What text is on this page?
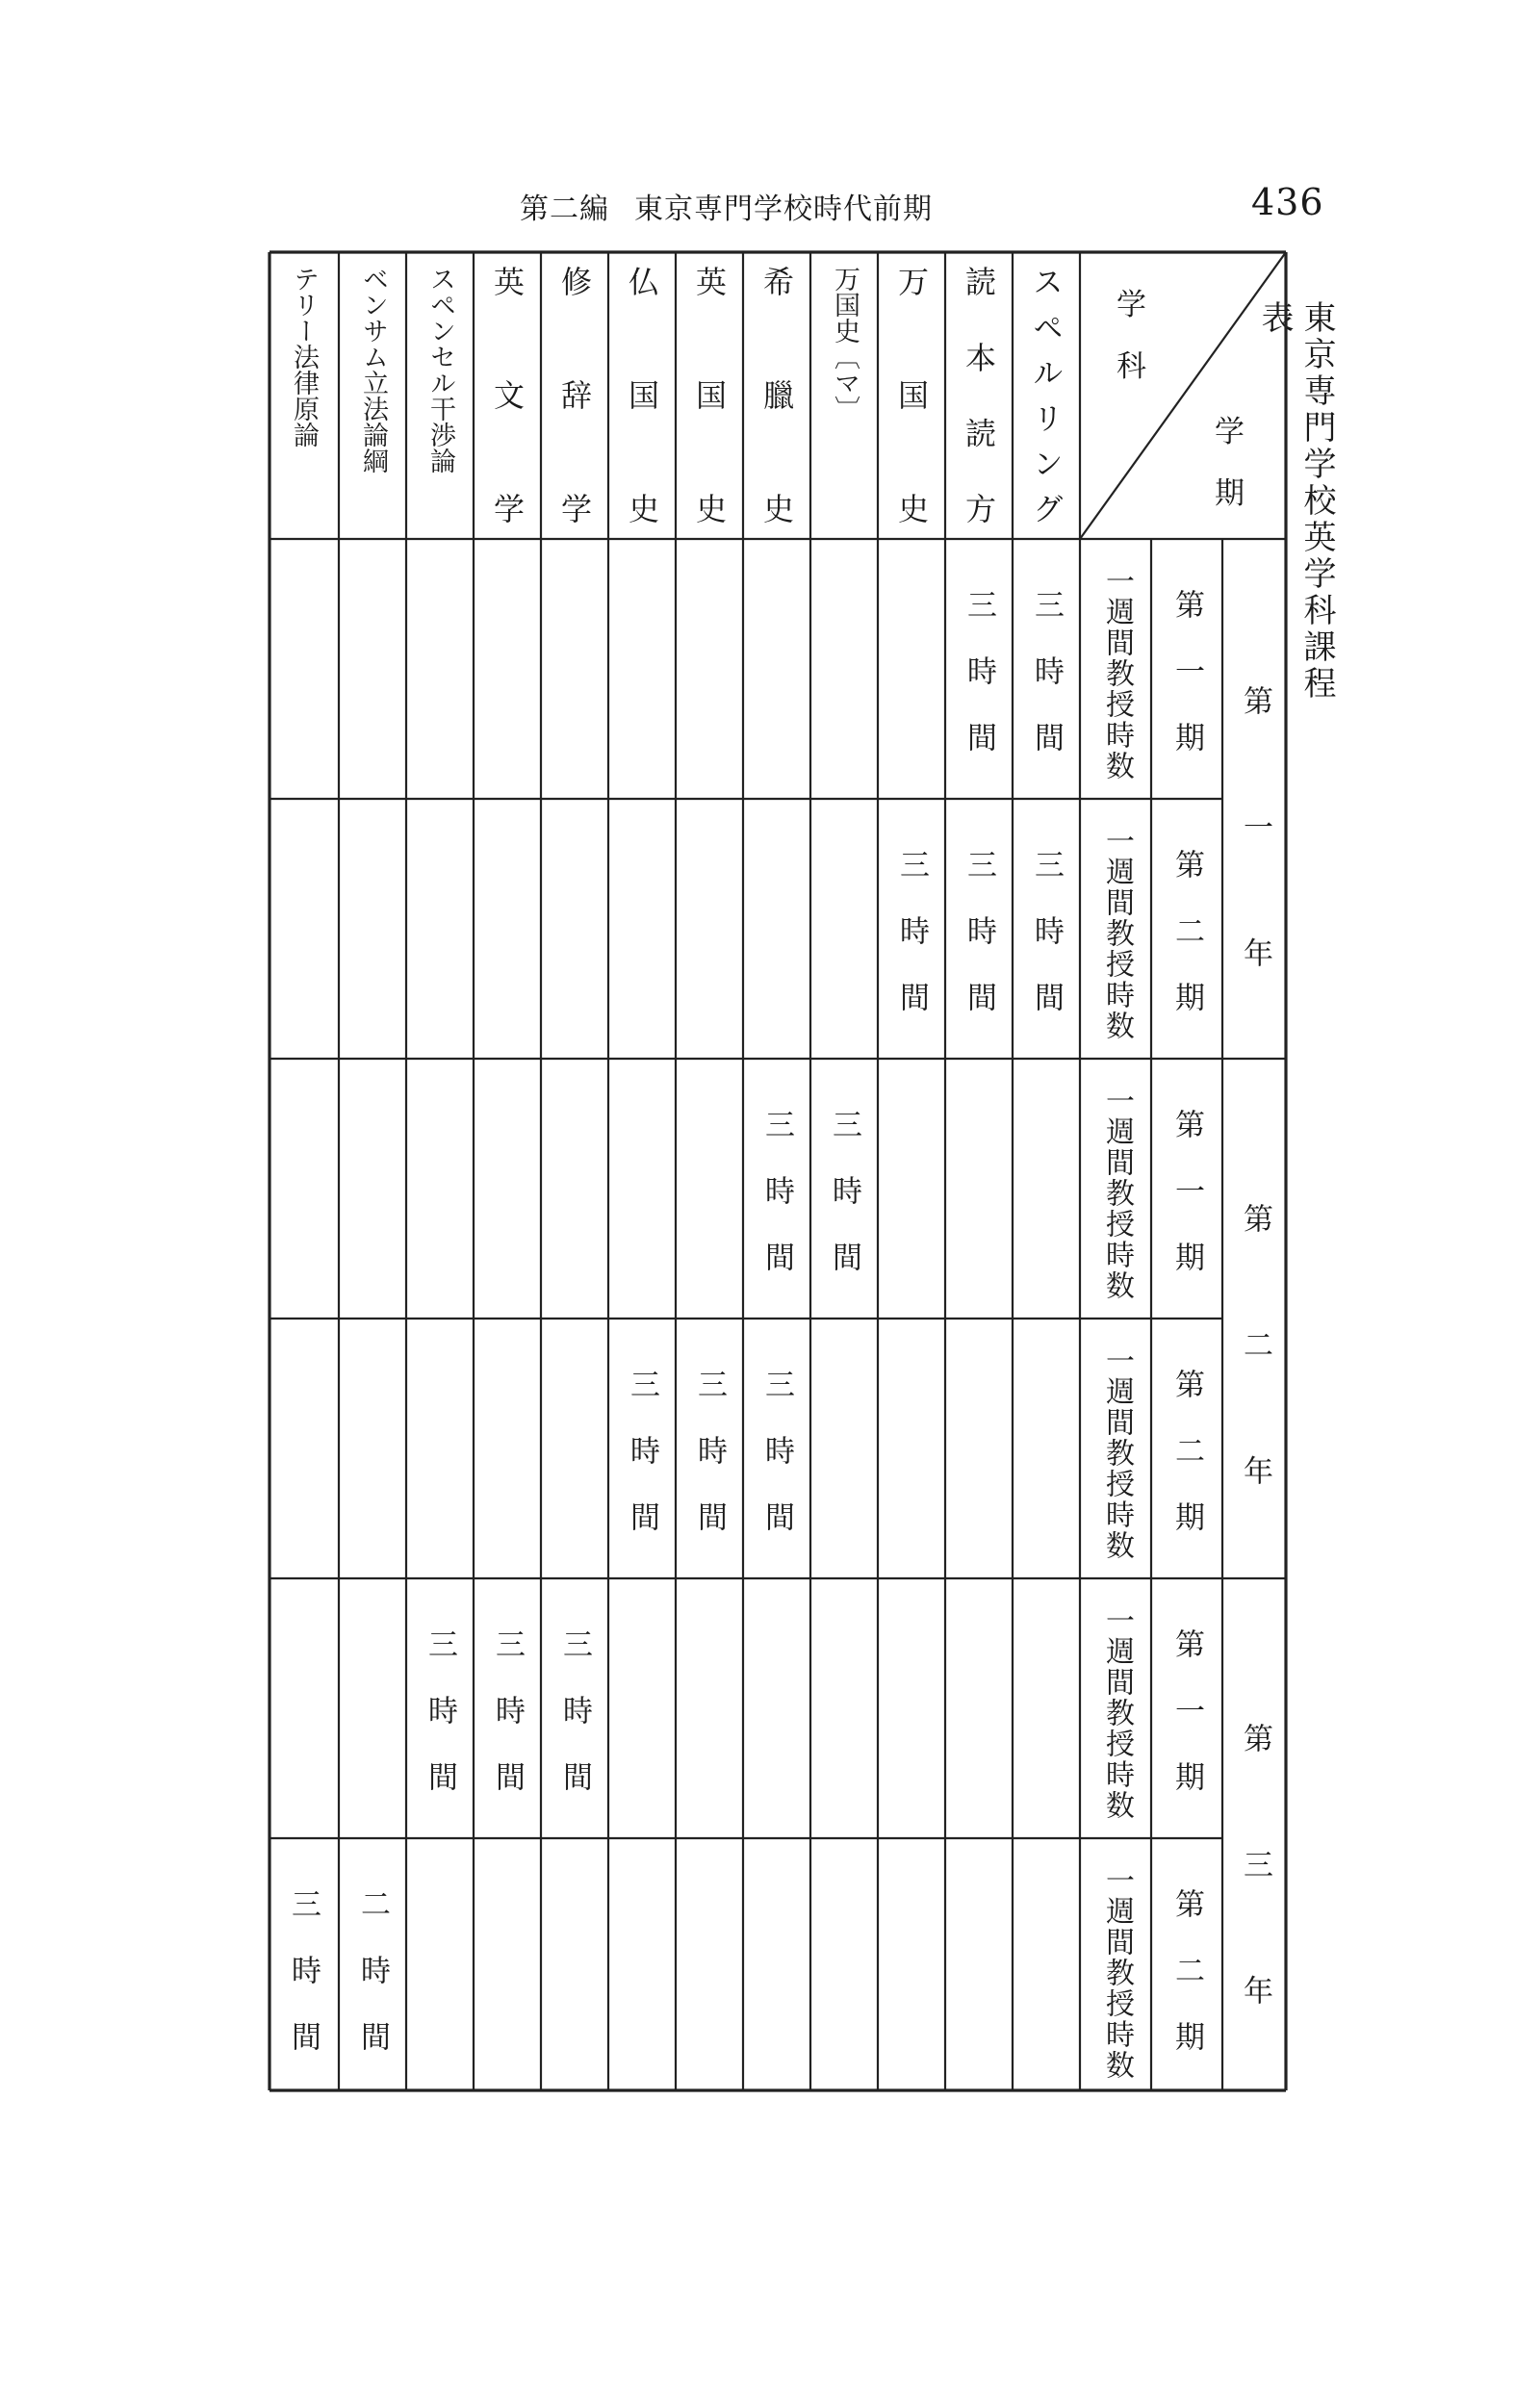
第二編 東京専門学校時代前期	436
東京専門学校英学科課程表
学
科
学
期
スペルリング
読本読方
万国史
万国史〔マ〕
希臘史
英国史
仏国史
修辞学
英文学
スペンセル干渉論
ベンサム立法論綱
テリー法律原論
第一年
第二年
第三年
第一期
第二期
第一期
第二期
第一期
第二期
一週間教授時数
一週間教授時数
一週間教授時数
一週間教授時数
一週間教授時数
一週間教授時数
三時間
三時間
三時間
三時間
三時間
三時間
三時間
三時間
三時間
三時間
三時間
三時間
三時間
二時間
三時間
